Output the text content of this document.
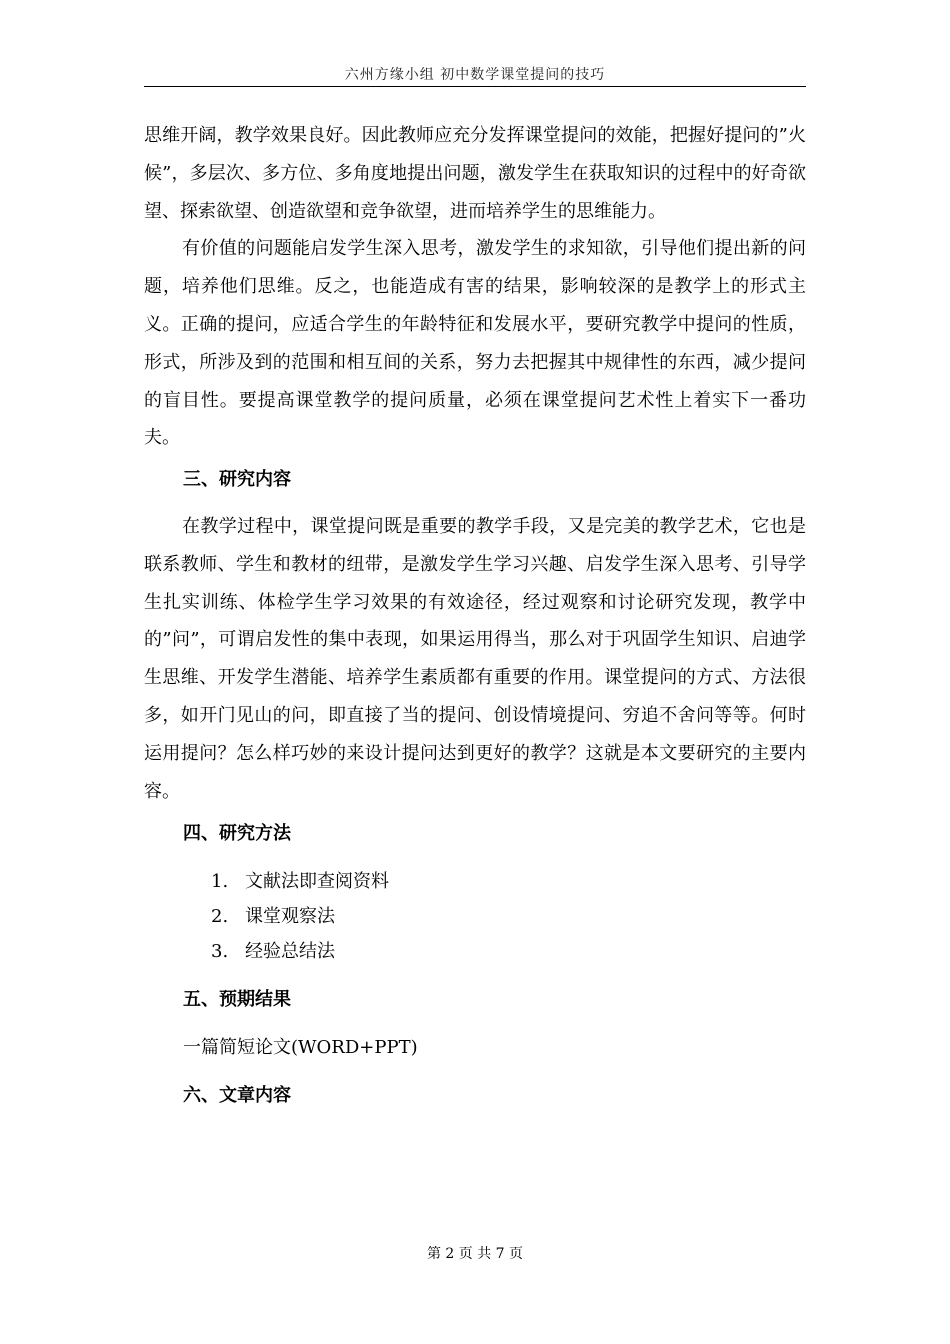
六州方缘小组 初中数学课堂提问的技巧

思维开阔，教学效果良好。因此教师应充分发挥课堂提问的效能，把握好提问的”火候”，多层次、多方位、多角度地提出问题，激发学生在获取知识的过程中的好奇欲望、探索欲望、创造欲望和竞争欲望，进而培养学生的思维能力。

有价值的问题能启发学生深入思考，激发学生的求知欲，引导他们提出新的问题，培养他们思维。反之，也能造成有害的结果，影响较深的是教学上的形式主义。正确的提问，应适合学生的年龄特征和发展水平，要研究教学中提问的性质，形式，所涉及到的范围和相互间的关系，努力去把握其中规律性的东西，减少提问的盲目性。要提高课堂教学的提问质量，必须在课堂提问艺术性上着实下一番功夫。

三、研究内容

在教学过程中，课堂提问既是重要的教学手段，又是完美的教学艺术，它也是联系教师、学生和教材的纽带，是激发学生学习兴趣、启发学生深入思考、引导学生扎实训练、体检学生学习效果的有效途径，经过观察和讨论研究发现，教学中的”问”，可谓启发性的集中表现，如果运用得当，那么对于巩固学生知识、启迪学生思维、开发学生潜能、培养学生素质都有重要的作用。课堂提问的方式、方法很多，如开门见山的问，即直接了当的提问、创设情境提问、穷追不舍问等等。何时运用提问？怎么样巧妙的来设计提问达到更好的教学？这就是本文要研究的主要内容。

四、研究方法
1. 文献法即查阅资料
2. 课堂观察法
3. 经验总结法
五、预期结果
一篇简短论文(WORD+PPT)
六、文章内容
第 2 页 共 7 页
